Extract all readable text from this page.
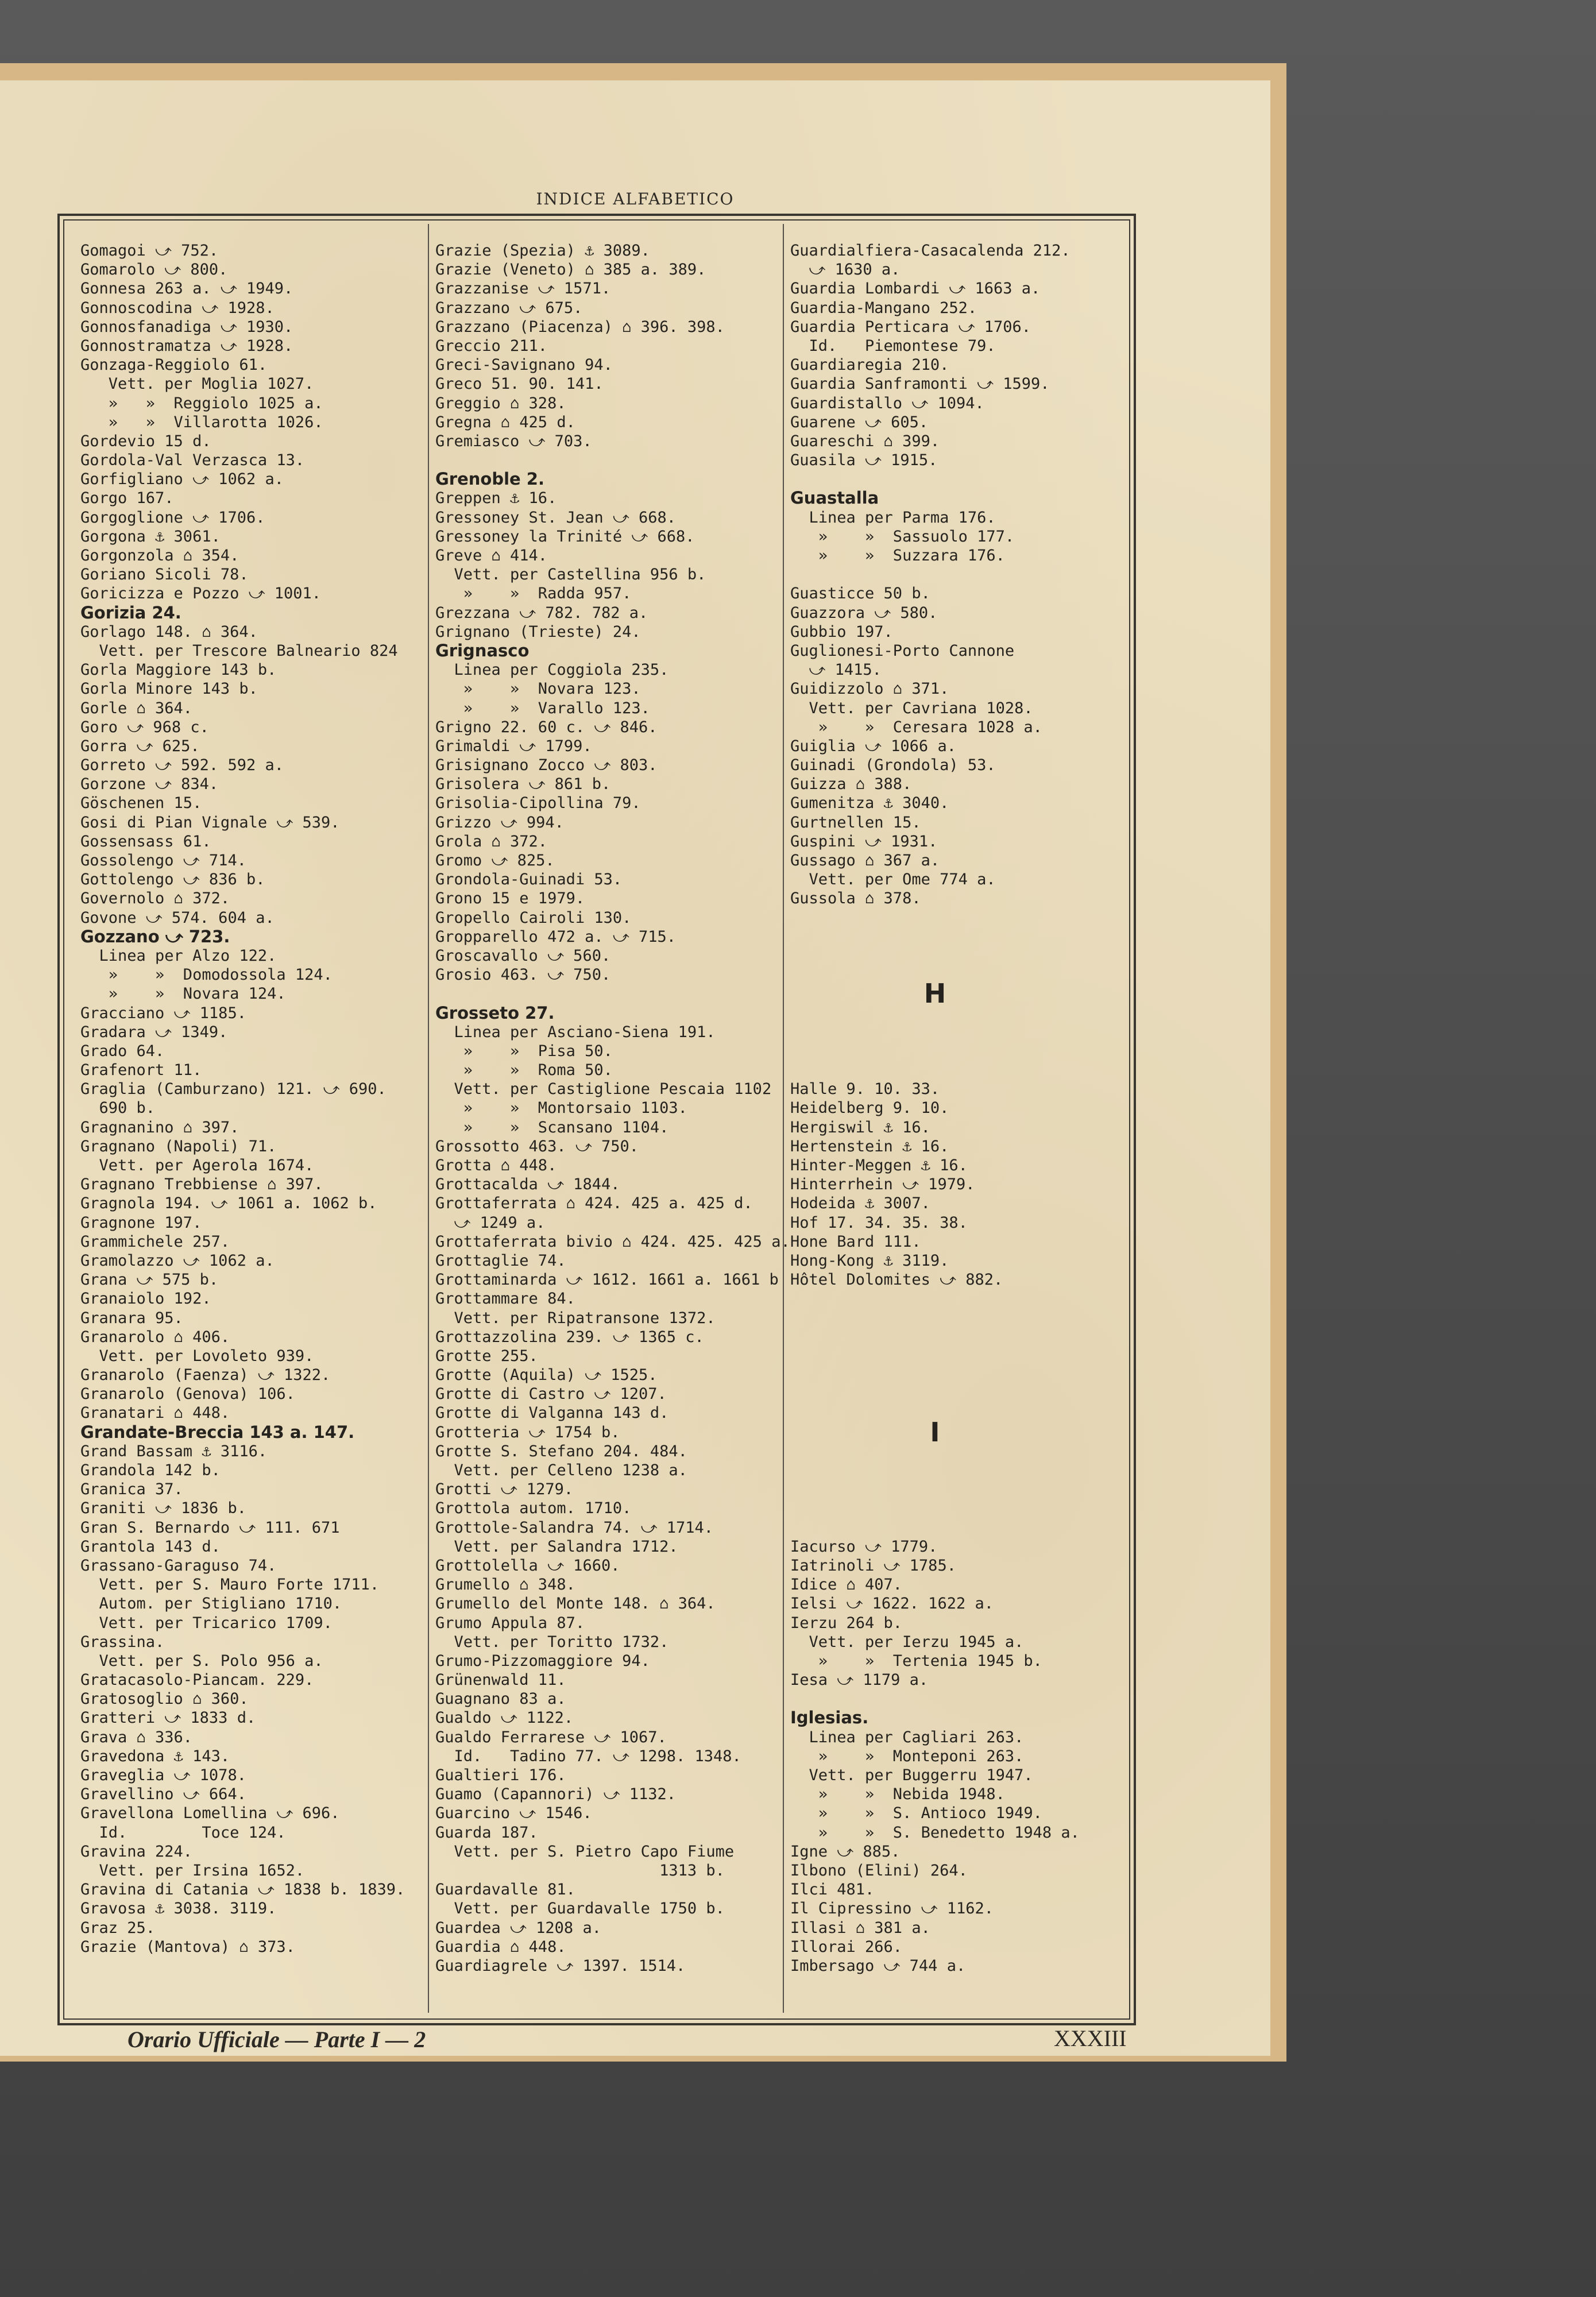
INDICE ALFABETICO
Gomagoi ⤻ 752.
Gomarolo ⤻ 800.
Gonnesa 263 a. ⤻ 1949.
Gonnoscodina ⤻ 1928.
Gonnosfanadiga ⤻ 1930.
Gonnostramatza ⤻ 1928.
Gonzaga-Reggiolo 61.
Vett. per Moglia 1027.
»   »  Reggiolo 1025 a.
»   »  Villarotta 1026.
Gordevio 15 d.
Gordola-Val Verzasca 13.
Gorfigliano ⤻ 1062 a.
Gorgo 167.
Gorgoglione ⤻ 1706.
Gorgona ⚓ 3061.
Gorgonzola ⌂ 354.
Goriano Sicoli 78.
Goricizza e Pozzo ⤻ 1001.
Gorizia 24.
Gorlago 148. ⌂ 364.
Vett. per Trescore Balneario 824
Gorla Maggiore 143 b.
Gorla Minore 143 b.
Gorle ⌂ 364.
Goro ⤻ 968 c.
Gorra ⤻ 625.
Gorreto ⤻ 592. 592 a.
Gorzone ⤻ 834.
Göschenen 15.
Gosi di Pian Vignale ⤻ 539.
Gossensass 61.
Gossolengo ⤻ 714.
Gottolengo ⤻ 836 b.
Governolo ⌂ 372.
Govone ⤻ 574. 604 a.
Gozzano ⤻ 723.
Linea per Alzo 122.
»    »  Domodossola 124.
»    »  Novara 124.
Gracciano ⤻ 1185.
Gradara ⤻ 1349.
Grado 64.
Grafenort 11.
Graglia (Camburzano) 121. ⤻ 690.
690 b.
Gragnanino ⌂ 397.
Gragnano (Napoli) 71.
Vett. per Agerola 1674.
Gragnano Trebbiense ⌂ 397.
Gragnola 194. ⤻ 1061 a. 1062 b.
Gragnone 197.
Grammichele 257.
Gramolazzo ⤻ 1062 a.
Grana ⤻ 575 b.
Granaiolo 192.
Granara 95.
Granarolo ⌂ 406.
Vett. per Lovoleto 939.
Granarolo (Faenza) ⤻ 1322.
Granarolo (Genova) 106.
Granatari ⌂ 448.
Grandate-Breccia 143 a. 147.
Grand Bassam ⚓ 3116.
Grandola 142 b.
Granica 37.
Graniti ⤻ 1836 b.
Gran S. Bernardo ⤻ 111. 671
Grantola 143 d.
Grassano-Garaguso 74.
Vett. per S. Mauro Forte 1711.
Autom. per Stigliano 1710.
Vett. per Tricarico 1709.
Grassina.
Vett. per S. Polo 956 a.
Gratacasolo-Piancam. 229.
Gratosoglio ⌂ 360.
Gratteri ⤻ 1833 d.
Grava ⌂ 336.
Gravedona ⚓ 143.
Graveglia ⤻ 1078.
Gravellino ⤻ 664.
Gravellona Lomellina ⤻ 696.
Id.        Toce 124.
Gravina 224.
Vett. per Irsina 1652.
Gravina di Catania ⤻ 1838 b. 1839.
Gravosa ⚓ 3038. 3119.
Graz 25.
Grazie (Mantova) ⌂ 373.
Grazie (Spezia) ⚓ 3089.
Grazie (Veneto) ⌂ 385 a. 389.
Grazzanise ⤻ 1571.
Grazzano ⤻ 675.
Grazzano (Piacenza) ⌂ 396. 398.
Greccio 211.
Greci-Savignano 94.
Greco 51. 90. 141.
Greggio ⌂ 328.
Gregna ⌂ 425 d.
Gremiasco ⤻ 703.
Grenoble 2.
Greppen ⚓ 16.
Gressoney St. Jean ⤻ 668.
Gressoney la Trinité ⤻ 668.
Greve ⌂ 414.
Vett. per Castellina 956 b.
»    »  Radda 957.
Grezzana ⤻ 782. 782 a.
Grignano (Trieste) 24.
Grignasco
Linea per Coggiola 235.
»    »  Novara 123.
»    »  Varallo 123.
Grigno 22. 60 c. ⤻ 846.
Grimaldi ⤻ 1799.
Grisignano Zocco ⤻ 803.
Grisolera ⤻ 861 b.
Grisolia-Cipollina 79.
Grizzo ⤻ 994.
Grola ⌂ 372.
Gromo ⤻ 825.
Grondola-Guinadi 53.
Grono 15 e 1979.
Gropello Cairoli 130.
Gropparello 472 a. ⤻ 715.
Groscavallo ⤻ 560.
Grosio 463. ⤻ 750.
Grosseto 27.
Linea per Asciano-Siena 191.
»    »  Pisa 50.
»    »  Roma 50.
Vett. per Castiglione Pescaia 1102
»    »  Montorsaio 1103.
»    »  Scansano 1104.
Grossotto 463. ⤻ 750.
Grotta ⌂ 448.
Grottacalda ⤻ 1844.
Grottaferrata ⌂ 424. 425 a. 425 d.
⤻ 1249 a.
Grottaferrata bivio ⌂ 424. 425. 425 a.
Grottaglie 74.
Grottaminarda ⤻ 1612. 1661 a. 1661 b
Grottammare 84.
Vett. per Ripatransone 1372.
Grottazzolina 239. ⤻ 1365 c.
Grotte 255.
Grotte (Aquila) ⤻ 1525.
Grotte di Castro ⤻ 1207.
Grotte di Valganna 143 d.
Grotteria ⤻ 1754 b.
Grotte S. Stefano 204. 484.
Vett. per Celleno 1238 a.
Grotti ⤻ 1279.
Grottola autom. 1710.
Grottole-Salandra 74. ⤻ 1714.
Vett. per Salandra 1712.
Grottolella ⤻ 1660.
Grumello ⌂ 348.
Grumello del Monte 148. ⌂ 364.
Grumo Appula 87.
Vett. per Toritto 1732.
Grumo-Pizzomaggiore 94.
Grünenwald 11.
Guagnano 83 a.
Gualdo ⤻ 1122.
Gualdo Ferrarese ⤻ 1067.
Id.   Tadino 77. ⤻ 1298. 1348.
Gualtieri 176.
Guamo (Capannori) ⤻ 1132.
Guarcino ⤻ 1546.
Guarda 187.
Vett. per S. Pietro Capo Fiume
1313 b.
Guardavalle 81.
Vett. per Guardavalle 1750 b.
Guardea ⤻ 1208 a.
Guardia ⌂ 448.
Guardiagrele ⤻ 1397. 1514.
Guardialfiera-Casacalenda 212.
⤻ 1630 a.
Guardia Lombardi ⤻ 1663 a.
Guardia-Mangano 252.
Guardia Perticara ⤻ 1706.
Id.   Piemontese 79.
Guardiaregia 210.
Guardia Sanframonti ⤻ 1599.
Guardistallo ⤻ 1094.
Guarene ⤻ 605.
Guareschi ⌂ 399.
Guasila ⤻ 1915.
Guastalla
Linea per Parma 176.
»    »  Sassuolo 177.
»    »  Suzzara 176.
Guasticce 50 b.
Guazzora ⤻ 580.
Gubbio 197.
Guglionesi-Porto Cannone
⤻ 1415.
Guidizzolo ⌂ 371.
Vett. per Cavriana 1028.
»    »  Ceresara 1028 a.
Guiglia ⤻ 1066 a.
Guinadi (Grondola) 53.
Guizza ⌂ 388.
Gumenitza ⚓ 3040.
Gurtnellen 15.
Guspini ⤻ 1931.
Gussago ⌂ 367 a.
Vett. per Ome 774 a.
Gussola ⌂ 378.
H
Halle 9. 10. 33.
Heidelberg 9. 10.
Hergiswil ⚓ 16.
Hertenstein ⚓ 16.
Hinter-Meggen ⚓ 16.
Hinterrhein ⤻ 1979.
Hodeida ⚓ 3007.
Hof 17. 34. 35. 38.
Hone Bard 111.
Hong-Kong ⚓ 3119.
Hôtel Dolomites ⤻ 882.
I
Iacurso ⤻ 1779.
Iatrinoli ⤻ 1785.
Idice ⌂ 407.
Ielsi ⤻ 1622. 1622 a.
Ierzu 264 b.
Vett. per Ierzu 1945 a.
»    »  Tertenia 1945 b.
Iesa ⤻ 1179 a.
Iglesias.
Linea per Cagliari 263.
»    »  Monteponi 263.
Vett. per Buggerru 1947.
»    »  Nebida 1948.
»    »  S. Antioco 1949.
»    »  S. Benedetto 1948 a.
Igne ⤻ 885.
Ilbono (Elini) 264.
Ilci 481.
Il Cipressino ⤻ 1162.
Illasi ⌂ 381 a.
Illorai 266.
Imbersago ⤻ 744 a.
Orario Ufficiale — Parte I — 2	XXXIII
